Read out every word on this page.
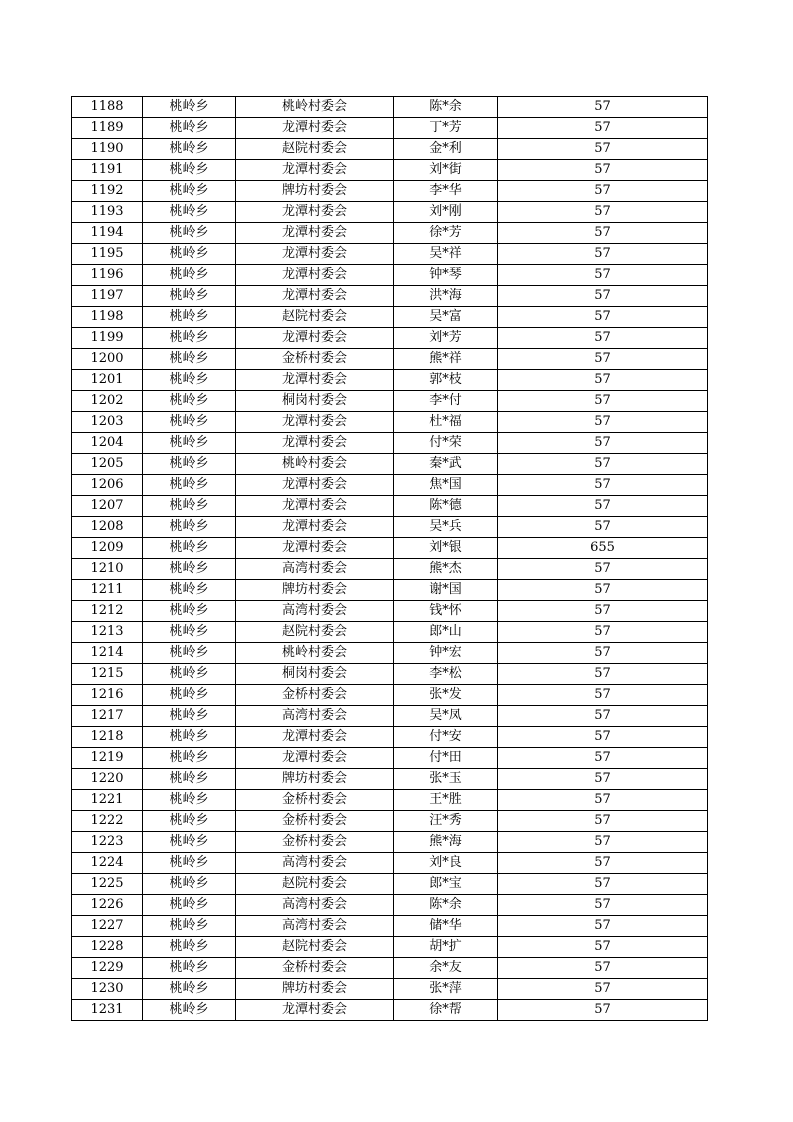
1188	桃岭乡	桃岭村委会	陈*余	57
1189	桃岭乡	龙潭村委会	丁*芳	57
1190	桃岭乡	赵院村委会	金*利	57
1191	桃岭乡	龙潭村委会	刘*街	57
1192	桃岭乡	牌坊村委会	李*华	57
1193	桃岭乡	龙潭村委会	刘*刚	57
1194	桃岭乡	龙潭村委会	徐*芳	57
1195	桃岭乡	龙潭村委会	吴*祥	57
1196	桃岭乡	龙潭村委会	钟*琴	57
1197	桃岭乡	龙潭村委会	洪*海	57
1198	桃岭乡	赵院村委会	吴*富	57
1199	桃岭乡	龙潭村委会	刘*芳	57
1200	桃岭乡	金桥村委会	熊*祥	57
1201	桃岭乡	龙潭村委会	郭*枝	57
1202	桃岭乡	桐岗村委会	李*付	57
1203	桃岭乡	龙潭村委会	杜*福	57
1204	桃岭乡	龙潭村委会	付*荣	57
1205	桃岭乡	桃岭村委会	秦*武	57
1206	桃岭乡	龙潭村委会	焦*国	57
1207	桃岭乡	龙潭村委会	陈*德	57
1208	桃岭乡	龙潭村委会	吴*兵	57
1209	桃岭乡	龙潭村委会	刘*银	655
1210	桃岭乡	高湾村委会	熊*杰	57
1211	桃岭乡	牌坊村委会	谢*国	57
1212	桃岭乡	高湾村委会	钱*怀	57
1213	桃岭乡	赵院村委会	郎*山	57
1214	桃岭乡	桃岭村委会	钟*宏	57
1215	桃岭乡	桐岗村委会	李*松	57
1216	桃岭乡	金桥村委会	张*发	57
1217	桃岭乡	高湾村委会	吴*凤	57
1218	桃岭乡	龙潭村委会	付*安	57
1219	桃岭乡	龙潭村委会	付*田	57
1220	桃岭乡	牌坊村委会	张*玉	57
1221	桃岭乡	金桥村委会	王*胜	57
1222	桃岭乡	金桥村委会	汪*秀	57
1223	桃岭乡	金桥村委会	熊*海	57
1224	桃岭乡	高湾村委会	刘*良	57
1225	桃岭乡	赵院村委会	郎*宝	57
1226	桃岭乡	高湾村委会	陈*余	57
1227	桃岭乡	高湾村委会	储*华	57
1228	桃岭乡	赵院村委会	胡*扩	57
1229	桃岭乡	金桥村委会	余*友	57
1230	桃岭乡	牌坊村委会	张*萍	57
1231	桃岭乡	龙潭村委会	徐*帮	57
